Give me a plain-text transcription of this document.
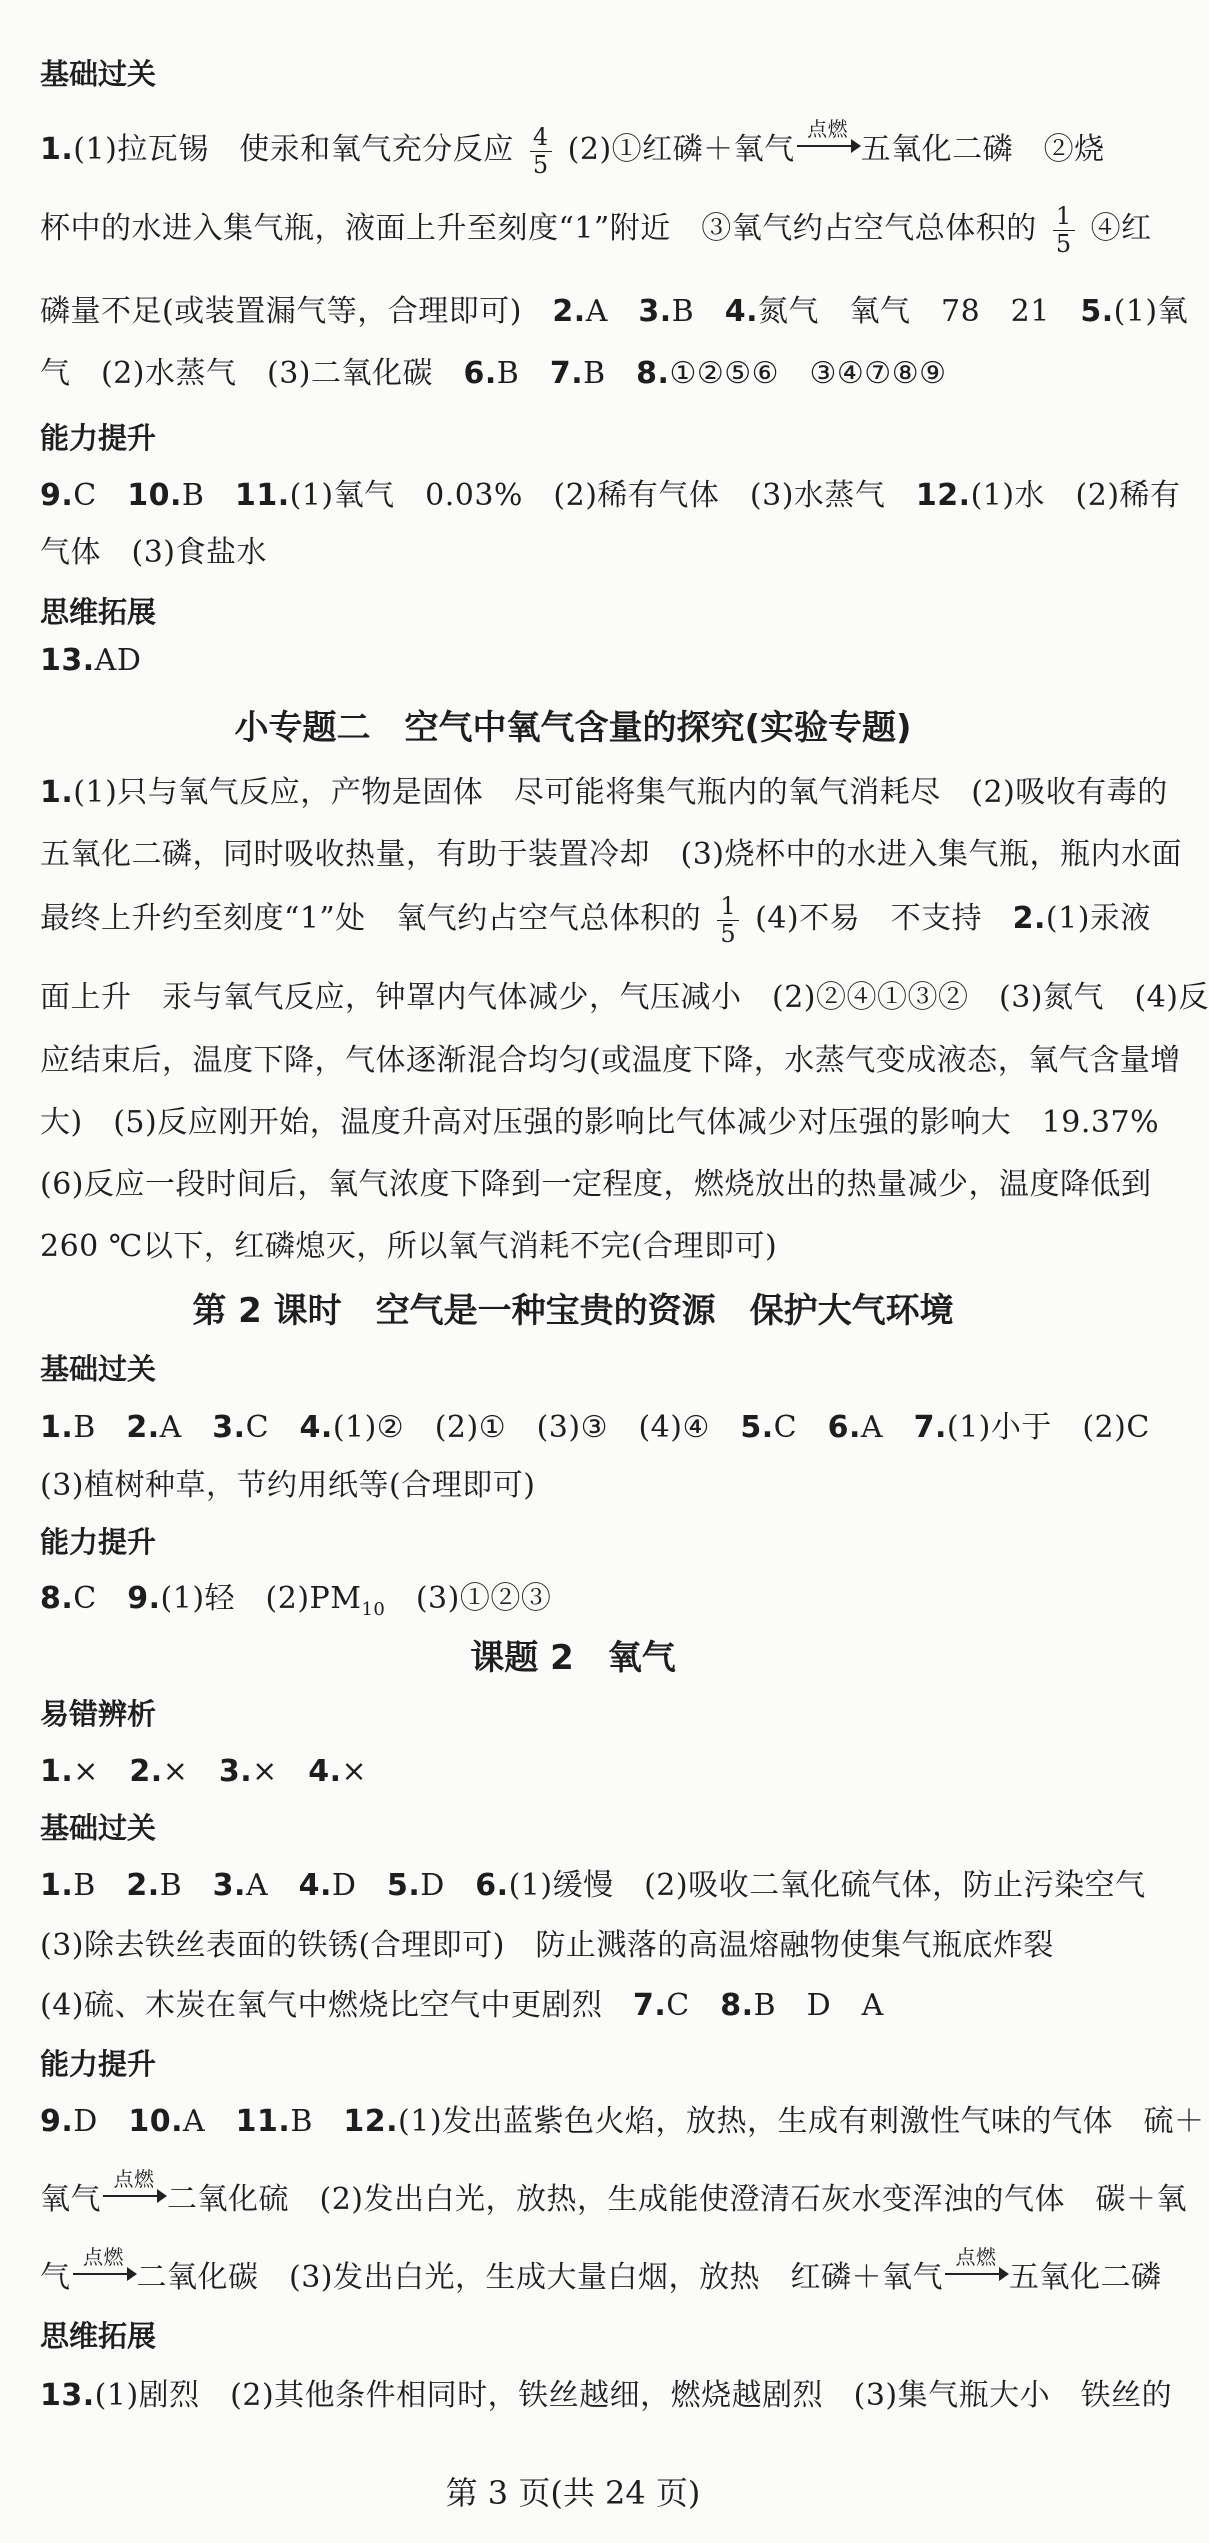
基础过关
1.(1)拉瓦锡　使汞和氧气充分反应 $\frac{4}{5}$ (2)①红磷＋氧气
点燃
五氧化二磷　②烧
杯中的水进入集气瓶，液面上升至刻度“1”附近　③氧气约占空气总体积的 $\frac{1}{5}$ ④红
磷量不足(或装置漏气等，合理即可)　2.A　3.B　4.氮气　氧气　78　21　5.(1)氧
气　(2)水蒸气　(3)二氧化碳　6.B　7.B　8.①②⑤⑥　③④⑦⑧⑨
能力提升
9.C　10.B　11.(1)氧气　0.03%　(2)稀有气体　(3)水蒸气　12.(1)水　(2)稀有
气体　(3)食盐水
思维拓展
13.AD
小专题二　空气中氧气含量的探究(实验专题)
1.(1)只与氧气反应，产物是固体　尽可能将集气瓶内的氧气消耗尽　(2)吸收有毒的
五氧化二磷，同时吸收热量，有助于装置冷却　(3)烧杯中的水进入集气瓶，瓶内水面
最终上升约至刻度“1”处　氧气约占空气总体积的 $\frac{1}{5} (4)$不易　不支持　2.(1)汞液
面上升　汞与氧气反应，钟罩内气体减少，气压减小　(2)②④①③②　(3)氮气　(4)反
应结束后，温度下降，气体逐渐混合均匀(或温度下降，水蒸气变成液态，氧气含量增
大)　(5)反应刚开始，温度升高对压强的影响比气体减少对压强的影响大　19.37%
(6)反应一段时间后，氧气浓度下降到一定程度，燃烧放出的热量减少，温度降低到
260 ℃以下，红磷熄灭，所以氧气消耗不完(合理即可)
第 2 课时　空气是一种宝贵的资源　保护大气环境
基础过关
1.B　2.A　3.C　4.(1)②　(2)①　(3)③　(4)④　5.C　6.A　7.(1)小于　(2)C
(3)植树种草，节约用纸等(合理即可)
能力提升
8.C　9.(1)轻　$(2)PM_{10}$　(3)①②③
课题 2　氧气
易错辨析
1.×　2.×　3.×　4.×
基础过关
1.B　2.B　3.A　4.D　5.D　6.(1)缓慢　(2)吸收二氧化硫气体，防止污染空气
(3)除去铁丝表面的铁锈(合理即可)　防止溅落的高温熔融物使集气瓶底炸裂
(4)硫、木炭在氧气中燃烧比空气中更剧烈　7.C　8.B　D　A
能力提升
9.D　10.A　11.B　12.(1)发出蓝紫色火焰，放热，生成有刺激性气味的气体　硫＋
氧气
点燃
二氧化硫　(2)发出白光，放热，生成能使澄清石灰水变浑浊的气体　碳＋氧
气
点燃
二氧化碳　(3)发出白光，生成大量白烟，放热　红磷＋氧气
点燃
五氧化二磷
思维拓展
13.(1)剧烈　(2)其他条件相同时，铁丝越细，燃烧越剧烈　(3)集气瓶大小　铁丝的
第 3 页(共 24 页)
